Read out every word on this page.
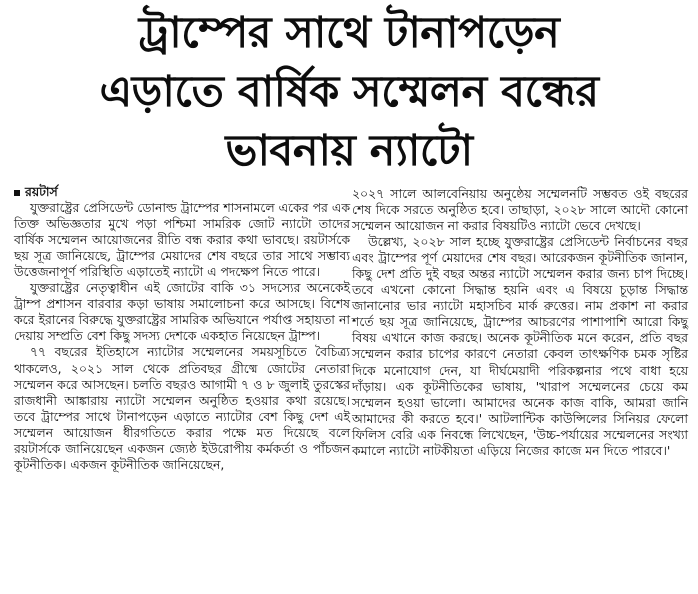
ট্রাম্পের সাথে টানাপড়েন
এড়াতে বার্ষিক সম্মেলন বন্ধের
ভাবনায় ন্যাটো
রয়টার্স

যুক্তরাষ্ট্রের প্রেসিডেন্ট ডোনাল্ড ট্রাম্পের শাসনামলে একের পর এক তিক্ত অভিজ্ঞতার মুখে পড়া পশ্চিমা সামরিক জোট ন্যাটো তাদের বার্ষিক সম্মেলন আয়োজনের রীতি বন্ধ করার কথা ভাবছে। রয়টার্সকে ছয় সূত্র জানিয়েছে, ট্রাম্পের মেয়াদের শেষ বছরে তার সাথে সম্ভাব্য উত্তেজনাপূর্ণ পরিস্থিতি এড়াতেই ন্যাটো এ পদক্ষেপ নিতে পারে।

যুক্তরাষ্ট্রের নেতৃত্বাধীন এই জোটের বাকি ৩১ সদস্যের অনেকেই ট্রাম্প প্রশাসন বারবার কড়া ভাষায় সমালোচনা করে আসছে। বিশেষ করে ইরানের বিরুদ্ধে যুক্তরাষ্ট্রের সামরিক অভিযানে পর্যাপ্ত সহায়তা না দেয়ায় সম্প্রতি বেশ কিছু সদস্য দেশকে একহাত নিয়েছেন ট্রাম্প।

৭৭ বছরের ইতিহাসে ন্যাটোর সম্মেলনের সময়সূচিতে বৈচিত্র্য থাকলেও, ২০২১ সাল থেকে প্রতিবছর গ্রীষ্মে জোটের নেতারা সম্মেলন করে আসছেন। চলতি বছরও আগামী ৭ ও ৮ জুলাই তুরস্কের রাজধানী আঙ্কারায় ন্যাটো সম্মেলন অনুষ্ঠিত হওয়ার কথা রয়েছে। তবে ট্রাম্পের সাথে টানাপড়েন এড়াতে ন্যাটোর বেশ কিছু দেশ এই সম্মেলন আয়োজন ধীরগতিতে করার পক্ষে মত দিয়েছে বলে রয়টার্সকে জানিয়েছেন একজন জ্যেষ্ঠ ইউরোপীয় কর্মকর্তা ও পাঁচজন কূটনীতিক। একজন কূটনীতিক জানিয়েছেন,

২০২৭ সালে আলবেনিয়ায় অনুষ্ঠেয় সম্মেলনটি সম্ভবত ওই বছরের শেষ দিকে সরতে অনুষ্ঠিত হবে। তাছাড়া, ২০২৮ সালে আদৌ কোনো সম্মেলন আয়োজন না করার বিষয়টিও ন্যাটো ভেবে দেখছে।

উল্লেখ্য, ২০২৮ সাল হচ্ছে যুক্তরাষ্ট্রের প্রেসিডেন্ট নির্বাচনের বছর এবং ট্রাম্পের পূর্ণ মেয়াদের শেষ বছর। আরেকজন কূটনীতিক জানান, কিছু দেশ প্রতি দুই বছর অন্তর ন্যাটো সম্মেলন করার জন্য চাপ দিচ্ছে। তবে এখনো কোনো সিদ্ধান্ত হয়নি এবং এ বিষয়ে চূড়ান্ত সিদ্ধান্ত জানানোর ভার ন্যাটো মহাসচিব মার্ক রুত্তের। নাম প্রকাশ না করার শর্তে ছয় সূত্র জানিয়েছে, ট্রাম্পের আচরণের পাশাপাশি আরো কিছু বিষয় এখানে কাজ করছে। অনেক কূটনীতিক মনে করেন, প্রতি বছর সম্মেলন করার চাপের কারণে নেতারা কেবল তাৎক্ষণিক চমক সৃষ্টির দিকে মনোযোগ দেন, যা দীর্ঘমেয়াদী পরিকল্পনার পথে বাধা হয়ে দাঁড়ায়। এক কূটনীতিকের ভাষায়, 'খারাপ সম্মেলনের চেয়ে কম সম্মেলন হওয়া ভালো। আমাদের অনেক কাজ বাকি, আমরা জানি আমাদের কী করতে হবে।' আটলান্টিক কাউন্সিলের সিনিয়র ফেলো ফিলিস বেরি এক নিবন্ধে লিখেছেন, 'উচ্চ-পর্যায়ের সম্মেলনের সংখ্যা কমালে ন্যাটো নাটকীয়তা এড়িয়ে নিজের কাজে মন দিতে পারবে।'
